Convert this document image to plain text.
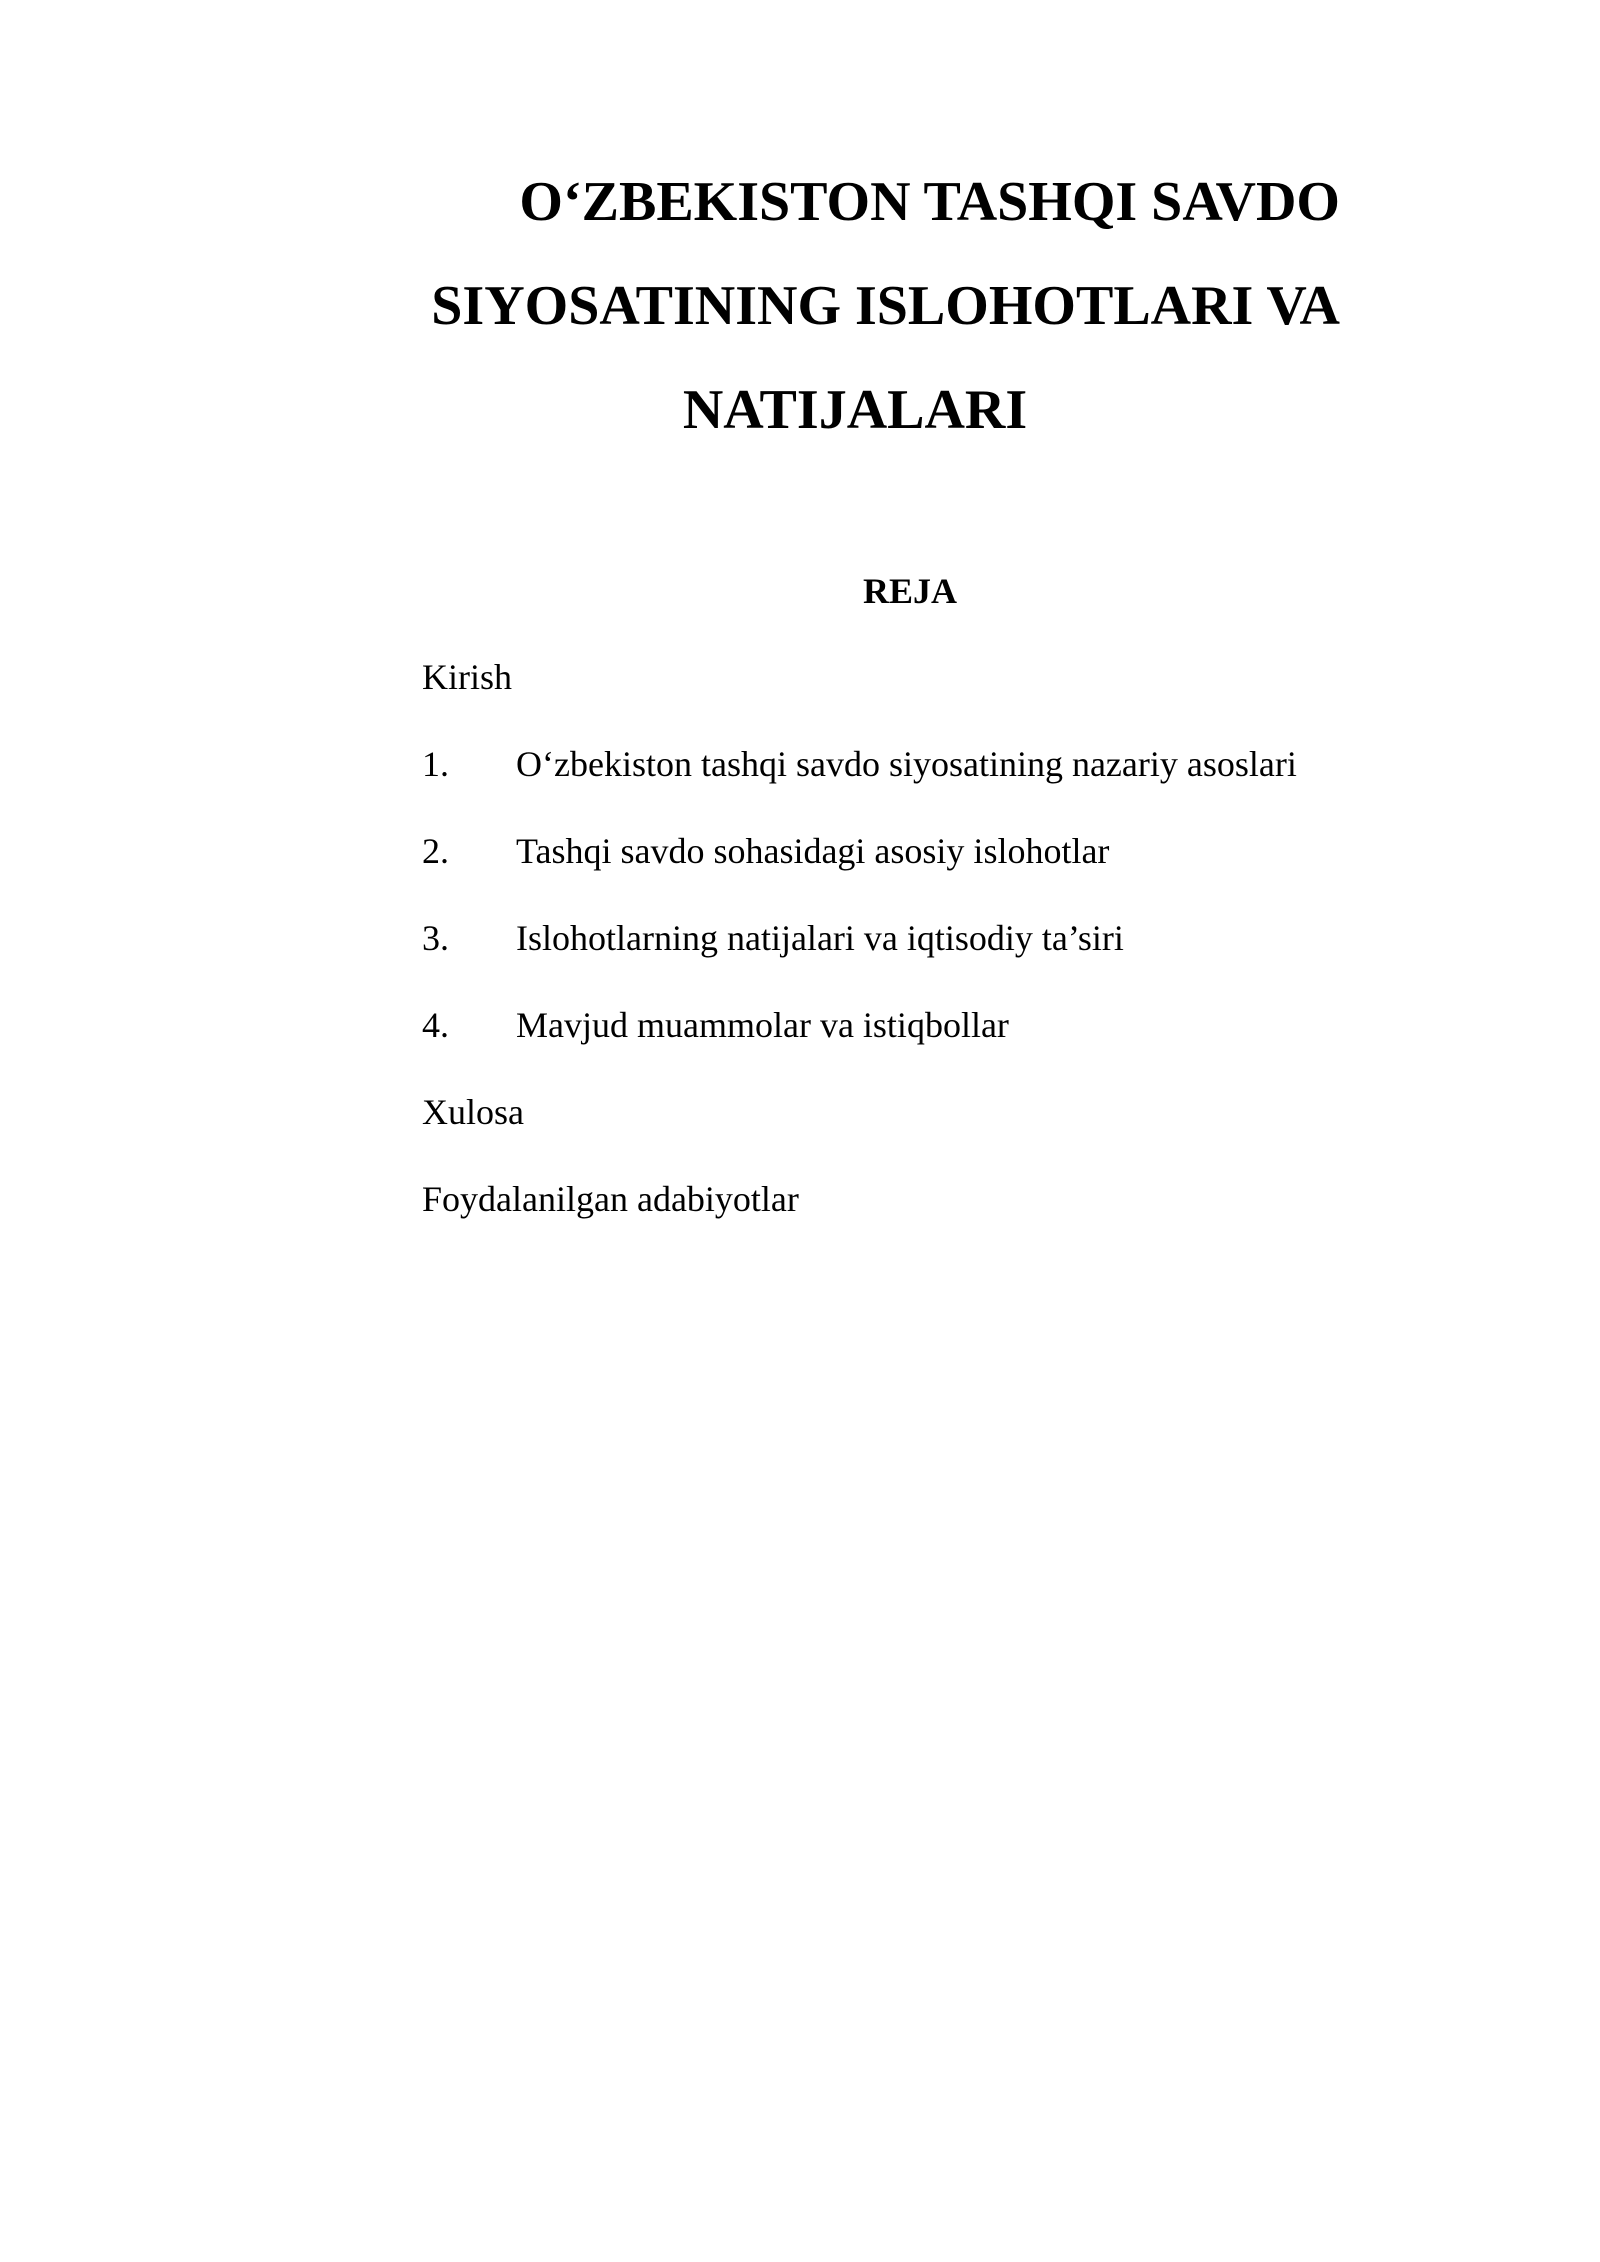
O‘ZBEKISTON TASHQI SAVDO
SIYOSATINING ISLOHOTLARI VA
NATIJALARI
REJA
Kirish
1. O‘zbekiston tashqi savdo siyosatining nazariy asoslari
2. Tashqi savdo sohasidagi asosiy islohotlar
3. Islohotlarning natijalari va iqtisodiy ta’siri
4. Mavjud muammolar va istiqbollar
Xulosa
Foydalanilgan adabiyotlar
